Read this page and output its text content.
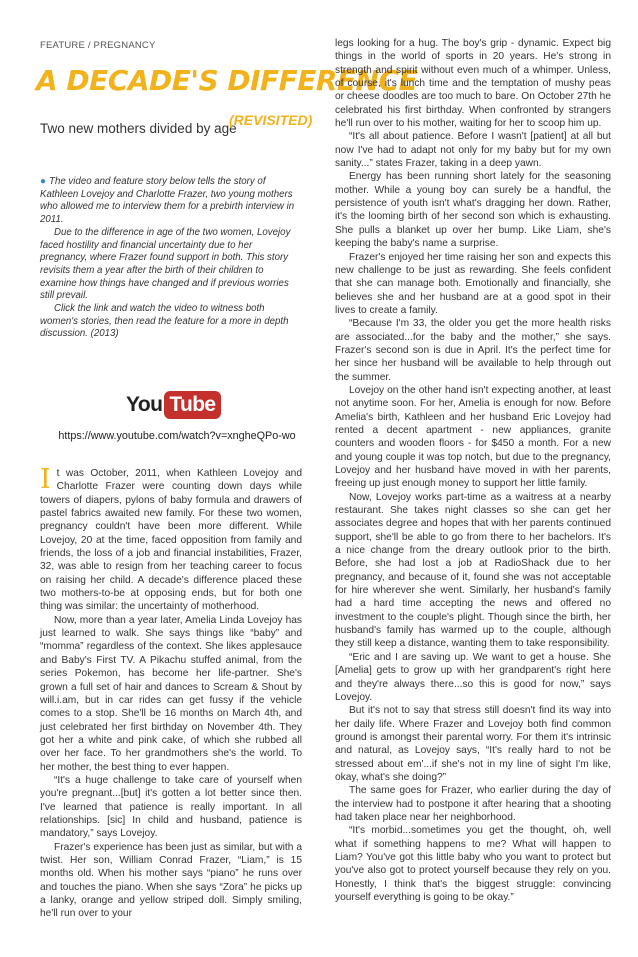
FEATURE / PREGNANCY
A DECADE'S DIFFERENCE
Two new mothers divided by age
(REVISITED)

● The video and feature story below tells the story of Kathleen Lovejoy and Charlotte Frazer, two young mothers who allowed me to interview them for a prebirth interview in 2011.

Due to the difference in age of the two women, Lovejoy faced hostility and financial uncertainty due to her pregnancy, where Frazer found support in both. This story revisits them a year after the birth of their children to examine how things have changed and if previous worries still prevail.

Click the link and watch the video to witness both women's stories, then read the feature for a more in depth discussion. (2013)

You Tube
https://www.youtube.com/watch?v=xngheQPo-wo

It was October, 2011, when Kathleen Lovejoy and Charlotte Frazer were counting down days while towers of diapers, pylons of baby formula and drawers of pastel fabrics awaited new family. For these two women, pregnancy couldn't have been more different. While Lovejoy, 20 at the time, faced opposition from family and friends, the loss of a job and financial instabilities, Frazer, 32, was able to resign from her teaching career to focus on raising her child. A decade's difference placed these two mothers-to-be at opposing ends, but for both one thing was similar: the uncertainty of motherhood.

Now, more than a year later, Amelia Linda Lovejoy has just learned to walk. She says things like “baby” and “momma” regardless of the context. She likes applesauce and Baby's First TV. A Pikachu stuffed animal, from the series Pokemon, has become her life-partner. She's grown a full set of hair and dances to Scream & Shout by will.i.am, but in car rides can get fussy if the vehicle comes to a stop. She'll be 16 months on March 4th, and just celebrated her first birthday on November 4th. They got her a white and pink cake, of which she rubbed all over her face. To her grandmothers she's the world. To her mother, the best thing to ever happen.

“It's a huge challenge to take care of yourself when you're pregnant...[but] it's gotten a lot better since then. I've learned that patience is really important. In all relationships. [sic] In child and husband, patience is mandatory,” says Lovejoy.

Frazer's experience has been just as similar, but with a twist. Her son, William Conrad Frazer, “Liam,” is 15 months old. When his mother says “piano” he runs over and touches the piano. When she says “Zora” he picks up a lanky, orange and yellow striped doll. Simply smiling, he'll run over to your

legs looking for a hug. The boy's grip - dynamic. Expect big things in the world of sports in 20 years. He's strong in strength and spirit without even much of a whimper. Unless, of course, it's lunch time and the temptation of mushy peas or cheese doodles are too much to bare. On October 27th he celebrated his first birthday. When confronted by strangers he'll run over to his mother, waiting for her to scoop him up.

“It's all about patience. Before I wasn't [patient] at all but now I've had to adapt not only for my baby but for my own sanity...” states Frazer, taking in a deep yawn.

Energy has been running short lately for the seasoning mother. While a young boy can surely be a handful, the persistence of youth isn't what's dragging her down. Rather, it's the looming birth of her second son which is exhausting. She pulls a blanket up over her bump. Like Liam, she's keeping the baby's name a surprise.

Frazer's enjoyed her time raising her son and expects this new challenge to be just as rewarding. She feels confident that she can manage both. Emotionally and financially, she believes she and her husband are at a good spot in their lives to create a family.

“Because I'm 33, the older you get the more health risks are associated...for the baby and the mother,” she says. Frazer's second son is due in April. It's the perfect time for her since her husband will be available to help through out the summer.

Lovejoy on the other hand isn't expecting another, at least not anytime soon. For her, Amelia is enough for now. Before Amelia's birth, Kathleen and her husband Eric Lovejoy had rented a decent apartment - new appliances, granite counters and wooden floors - for $450 a month. For a new and young couple it was top notch, but due to the pregnancy, Lovejoy and her husband have moved in with her parents, freeing up just enough money to support her little family.

Now, Lovejoy works part-time as a waitress at a nearby restaurant. She takes night classes so she can get her associates degree and hopes that with her parents continued support, she'll be able to go from there to her bachelors. It's a nice change from the dreary outlook prior to the birth. Before, she had lost a job at RadioShack due to her pregnancy, and because of it, found she was not acceptable for hire wherever she went. Similarly, her husband's family had a hard time accepting the news and offered no investment to the couple's plight. Though since the birth, her husband's family has warmed up to the couple, although they still keep a distance, wanting them to take responsibility.

“Eric and I are saving up. We want to get a house. She [Amelia] gets to grow up with her grandparent's right here and they're always there...so this is good for now,” says Lovejoy.

But it's not to say that stress still doesn't find its way into her daily life. Where Frazer and Lovejoy both find common ground is amongst their parental worry. For them it's intrinsic and natural, as Lovejoy says, “It's really hard to not be stressed about em'...if she's not in my line of sight I'm like, okay, what's she doing?”

The same goes for Frazer, who earlier during the day of the interview had to postpone it after hearing that a shooting had taken place near her neighborhood.

“It's morbid...sometimes you get the thought, oh, well what if something happens to me? What will happen to Liam? You've got this little baby who you want to protect but you've also got to protect yourself because they rely on you. Honestly, I think that's the biggest struggle: convincing yourself everything is going to be okay.”
